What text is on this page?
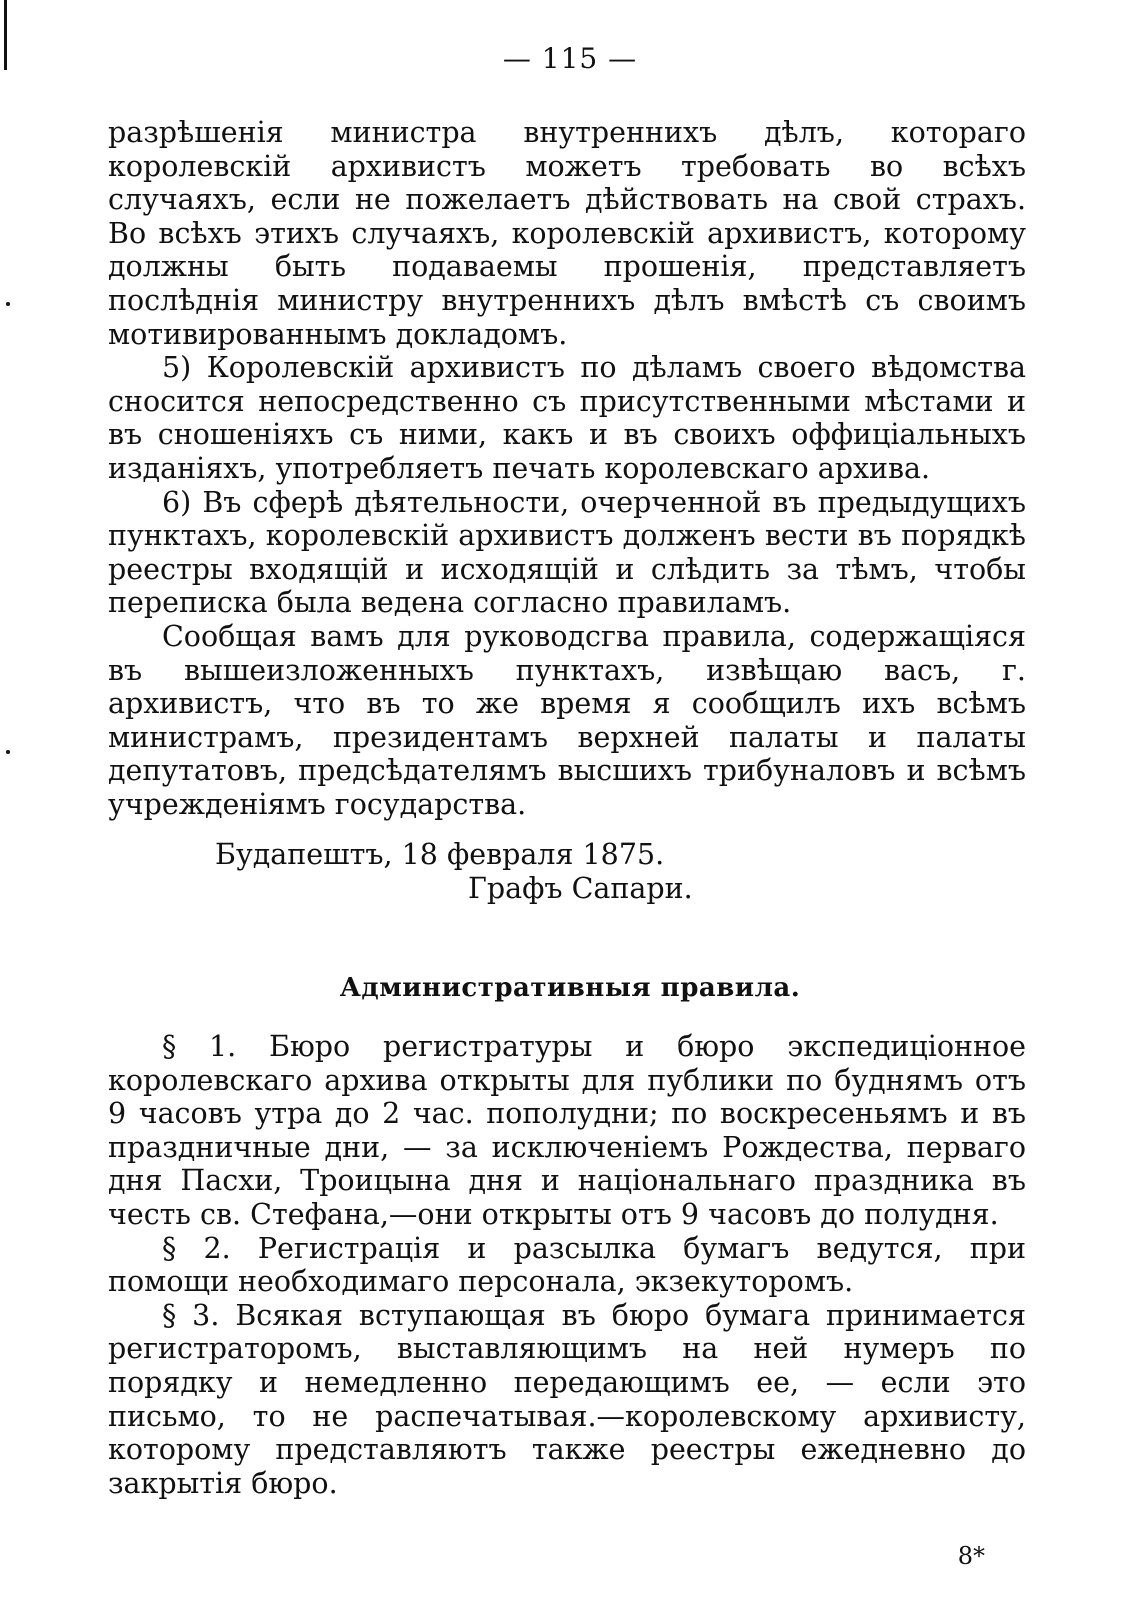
— 115 —

разрѣшенія министра внутреннихъ дѣлъ, котораго королевскій архивистъ можетъ требовать во всѣхъ случаяхъ, если не пожелаетъ дѣйствовать на свой страхъ. Во всѣхъ этихъ случаяхъ, королевскій архивистъ, которому должны быть подаваемы прошенія, представляетъ послѣднія министру внутреннихъ дѣлъ вмѣстѣ съ своимъ мотивированнымъ докладомъ.

5) Королевскій архивистъ по дѣламъ своего вѣдомства сносится непосредственно съ присутственными мѣстами и въ сношеніяхъ съ ними, какъ и въ своихъ оффиціальныхъ изданіяхъ, употребляетъ печать королевскаго архива.

6) Въ сферѣ дѣятельности, очерченной въ предыдущихъ пунктахъ, королевскій архивистъ долженъ вести въ порядкѣ реестры входящій и исходящій и слѣдить за тѣмъ, чтобы переписка была ведена согласно правиламъ.

Сообщая вамъ для руководсгва правила, содержащіяся въ вышеизложенныхъ пунктахъ, извѣщаю васъ, г. архивистъ, что въ то же время я сообщилъ ихъ всѣмъ министрамъ, президентамъ верхней палаты и палаты депутатовъ, предсѣдателямъ высшихъ трибуналовъ и всѣмъ учрежденіямъ государства.

Будапештъ, 18 февраля 1875.
Графъ Сапари.
Административныя правила.

§ 1. Бюро регистратуры и бюро экспедиціонное королевскаго архива открыты для публики по буднямъ отъ 9 часовъ утра до 2 час. пополудни; по воскресеньямъ и въ праздничные дни, — за исключеніемъ Рождества, перваго дня Пасхи, Троицына дня и національнаго праздника въ честь св. Стефана,—они открыты отъ 9 часовъ до полудня.

§ 2. Регистрація и разсылка бумагъ ведутся, при помощи необходимаго персонала, экзекуторомъ.

§ 3. Всякая вступающая въ бюро бумага принимается регистраторомъ, выставляющимъ на ней нумеръ по порядку и немедленно передающимъ ее, — если это письмо, то не распечатывая.—королевскому архивисту, которому представляютъ также реестры ежедневно до закрытія бюро.

8*
